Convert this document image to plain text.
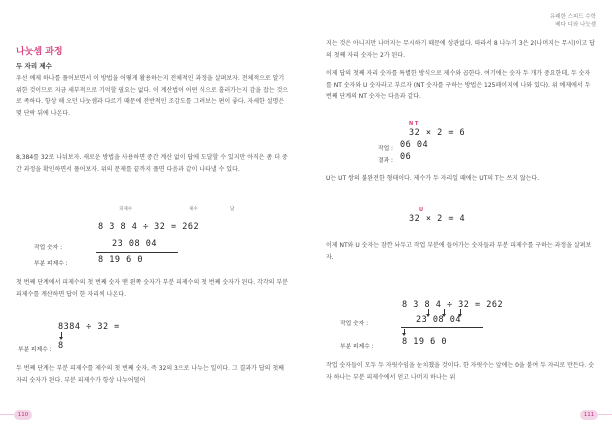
나눗셈 과정
두 자리 제수
우선 예제 하나를 풀어보면서 이 방법을 어떻게 활용하는지 전체적인 과정을 살펴보자. 전체적으로 알기 위한 것이므로 지금 세부적으로 기억할 필요는 없다. 이 계산법이 어떤 식으로 흘러가는지 감을 잡는 것으로 족하다. 항상 해 오던 나눗셈과 다르기 때문에 전반적인 조감도를 그려보는 편이 좋다. 자세한 설명은 몇 단락 뒤에 나온다.
8,384를 32로 나눠보자. 새로운 방법을 사용하면 중간 계산 없이 답에 도달할 수 있지만 아직은 좀 더 중간 과정을 확인하면서 풀어보자. 위의 문제를 끝까지 풀면 다음과 같이 나타낼 수 있다.
피제수	제수	답
8 3 8 4 ÷ 32 = 262
작업 숫자 :	23 08 04
부분 피제수 :	8 19 6 0
첫 번째 단계에서 피제수의 첫 번째 숫자 맨 왼쪽 숫자가 부분 피제수의 첫 번째 숫자가 된다. 각각의 부분 피제수를 계산하면 답이 한 자리씩 나온다.
8384 ÷ 32 =
부분 피제수 : 8
두 번째 단계는 부분 피제수를 제수의 첫 번째 숫자, 즉 32의 3으로 나누는 일이다. 그 결과가 답의 첫째 자리 숫자가 된다. 부분 피제수가 항상 나누어떨어
110
유쾌한 스피드 수학
베다 디와 나눗셈
지는 것은 아니지만 나머지는 무시하기 때문에 상관없다. 따라서 8 나누기 3은 2(나머지는 무시)이고 답의 첫째 자리 숫자는 2가 된다.
이제 답의 첫째 자리 숫자를 특별한 방식으로 제수와 곱한다. 여기에는 숫자 두 개가 중요한데, 두 숫자를 NT 숫자와 U 숫자라고 부르자 (NT 숫자를 구하는 방법은 125페이지에 나와 있다). 위 예제에서 두 번째 단계의 NT 숫자는 다음과 같다.
N T
32 × 2 = 6
작업 : 06 04
결과 : 06
U는 UT 쌍의 불완전한 형태이다. 제수가 두 자리일 때에는 UT의 T는 쓰지 않는다.
U
32 × 2 = 4
이제 NT와 U 숫자는 잠깐 놔두고 작업 부분에 들어가는 숫자들과 부분 피제수를 구하는 과정을 살펴보자.
8 3 8 4 ÷ 32 = 262
작업 숫자 :	23 08 04
부분 피제수 :	8 19 6 0
작업 숫자들이 모두 두 자릿수임을 눈치챘을 것이다. 한 자릿수는 앞에는 0을 붙여 두 자리로 만든다. 숫자 하나는 부분 피제수에서 얻고 나머지 하나는 위
111
